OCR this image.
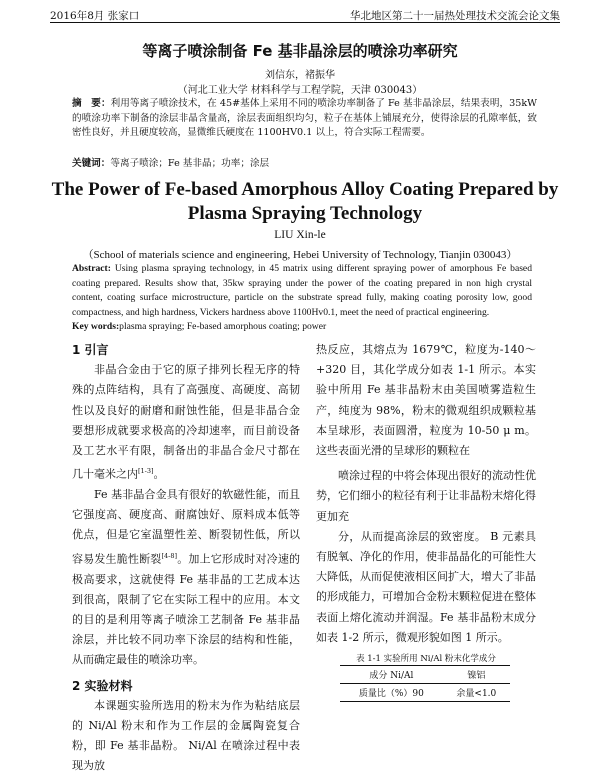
2016年8月 张家口	华北地区第二十一届热处理技术交流会论文集
等离子喷涂制备 Fe 基非晶涂层的喷涂功率研究
刘信东，褚振华
（河北工业大学 材料科学与工程学院，天津 030043）
摘　要：利用等离子喷涂技术，在 45#基体上采用不同的喷涂功率制备了 Fe 基非晶涂层，结果表明，35kW 的喷涂功率下制备的涂层非晶含量高，涂层表面组织均匀，粒子在基体上铺展充分，使得涂层的孔隙率低，致密性良好，并且硬度较高，显微维氏硬度在 1100HV0.1 以上，符合实际工程需要。
关键词：等离子喷涂；Fe 基非晶；功率；涂层
The Power of Fe-based Amorphous Alloy Coating Prepared by Plasma Spraying Technology
LIU Xin-le
（School of materials science and engineering, Hebei University of Technology, Tianjin 030043）
Abstract: Using plasma spraying technology, in 45 matrix using different spraying power of amorphous Fe based coating prepared. Results show that, 35kw spraying under the power of the coating prepared in non high crystal content, coating surface microstructure, particle on the substrate spread fully, making coating porosity low, good compactness, and high hardness, Vickers hardness above 1100Hv0.1, meet the need of practical engineering.
Key words:plasma spraying; Fe-based amorphous coating; power
1 引言

非晶合金由于它的原子排列长程无序的特殊的点阵结构，具有了高强度、高硬度、高韧性以及良好的耐磨和耐蚀性能，但是非晶合金要想形成就要求极高的冷却速率，而目前设备及工艺水平有限，制备出的非晶合金尺寸都在几十毫米之内[1-3]。

Fe 基非晶合金具有很好的软磁性能，而且它强度高、硬度高、耐腐蚀好、原料成本低等优点，但是它室温塑性差、断裂韧性低，所以容易发生脆性断裂[4-8]。加上它形成时对冷速的极高要求，这就使得 Fe 基非晶的工艺成本达到很高，限制了它在实际工程中的应用。本文的目的是利用等离子喷涂工艺制备 Fe 基非晶涂层，并比较不同功率下涂层的结构和性能，从而确定最佳的喷涂功率。

2 实验材料

本课题实验所选用的粉末为作为粘结底层的 Ni/Al 粉末和作为工作层的金属陶瓷复合粉，即 Fe 基非晶粉。 Ni/Al 在喷涂过程中表现为放

热反应，其熔点为 1679℃，粒度为-140～+320 目，其化学成分如表 1-1 所示。本实验中所用 Fe 基非晶粉末由美国喷雾造粒生产，纯度为 98%，粉末的微观组织成颗粒基本呈球形，表面圆滑，粒度为 10-50 μ m。这些表面光滑的呈球形的颗粒在

喷涂过程的中将会体现出很好的流动性优势，它们细小的粒径有利于让非晶粉末熔化得更加充

分，从而提高涂层的致密度。 B 元素具有脱氧、净化的作用，使非晶晶化的可能性大大降低，从而促使液相区间扩大，增大了非晶的形成能力，可增加合金粉末颗粒促进在整体表面上熔化流动并润湿。Fe 基非晶粉末成分如表 1-2 所示，微观形貌如图 1 所示。

表 1-1 实验所用 Ni/Al 粉末化学成分
成分 Ni/Al	镍铝
质量比（%）90	余量<1.0
